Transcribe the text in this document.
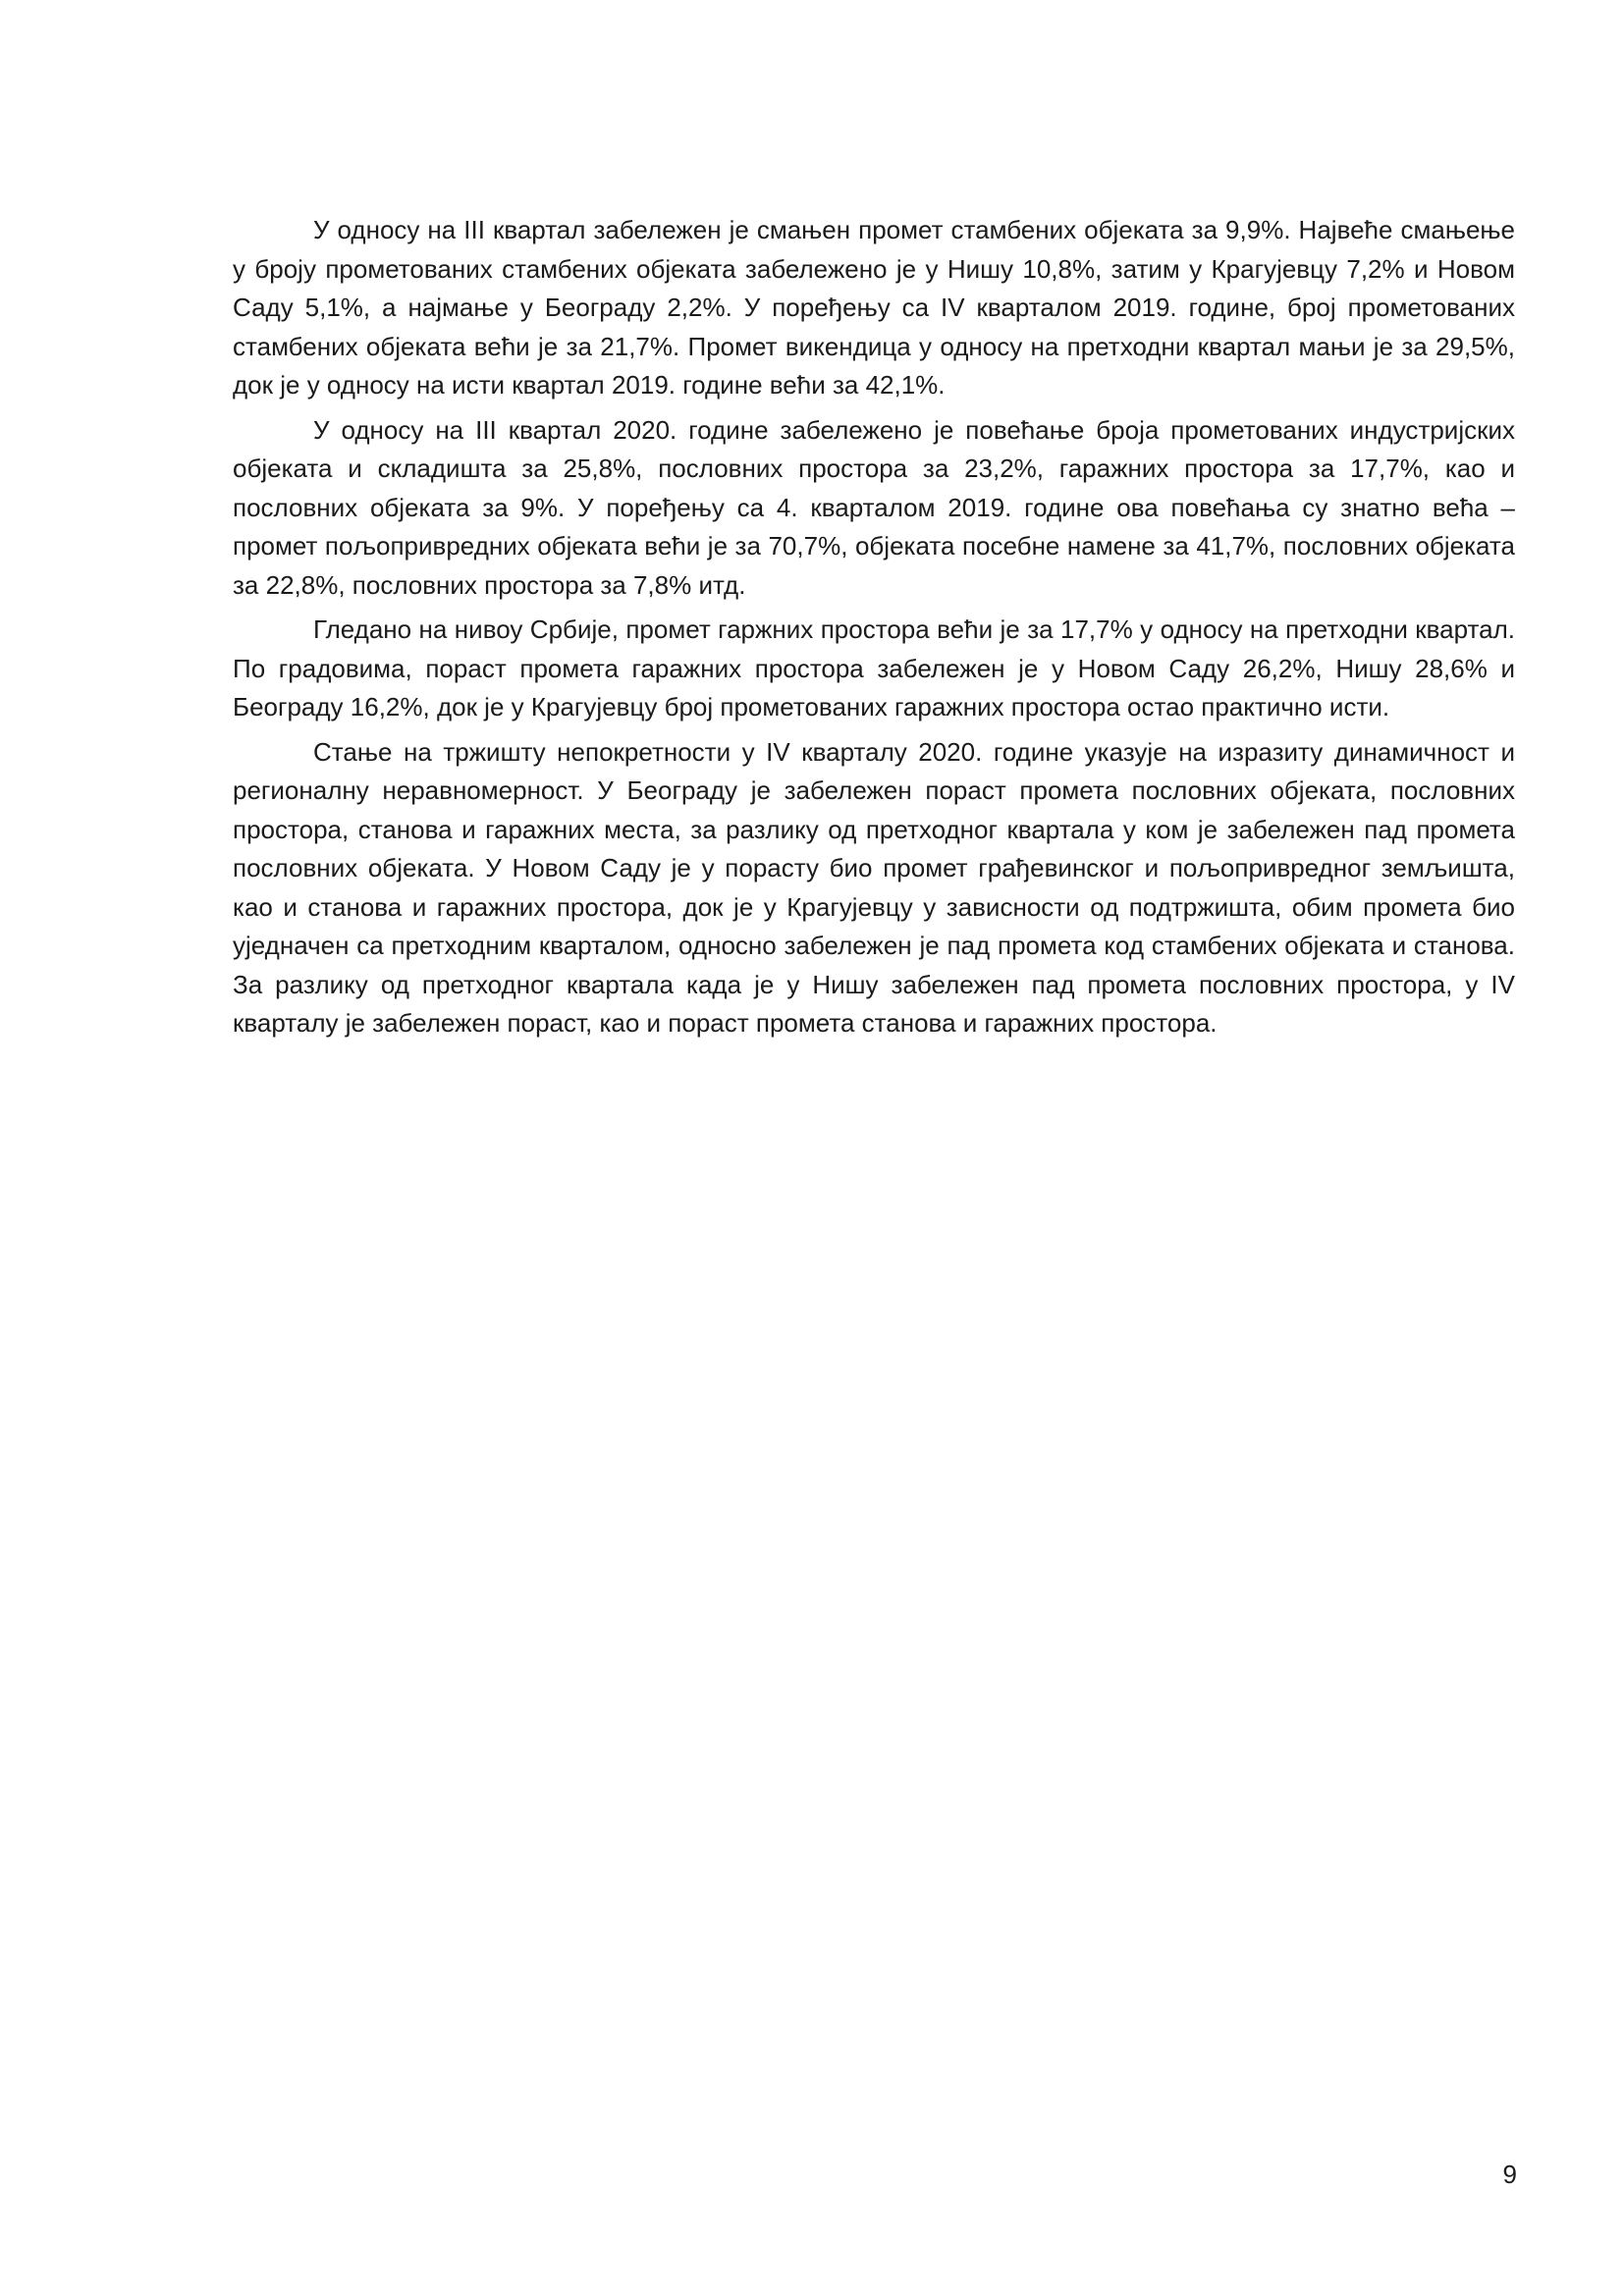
У односу на III квартал забележен је смањен промет стамбених објеката за 9,9%. Највеће смањење у броју прометованих стамбених објеката забележено је у Нишу 10,8%, затим у Крагујевцу 7,2% и Новом Саду 5,1%, а најмање у Београду 2,2%. У поређењу са IV кварталом 2019. године, број прометованих стамбених објеката већи је за 21,7%. Промет викендица у односу на претходни квартал мањи је за 29,5%, док је у односу на исти квартал 2019. године већи за 42,1%.

У односу на III квартал 2020. године забележено је повећање броја прометованих индустријских објеката и складишта за 25,8%, пословних простора за 23,2%, гаражних простора за 17,7%, као и пословних објеката за 9%. У поређењу са 4. кварталом 2019. године ова повећања су знатно већа – промет пољопривредних објеката већи је за 70,7%, објеката посебне намене за 41,7%, пословних објеката за 22,8%, пословних простора за 7,8% итд.

Гледано на нивоу Србије, промет гаржних простора већи је за 17,7% у односу на претходни квартал. По градовима, пораст промета гаражних простора забележен је у Новом Саду 26,2%, Нишу 28,6% и Београду 16,2%, док је у Крагујевцу број прометованих гаражних простора остао практично исти.

Стање на тржишту непокретности у IV кварталу 2020. године указује на изразиту динамичност и регионалну неравномерност. У Београду је забележен пораст промета пословних објеката, пословних простора, станова и гаражних места, за разлику од претходног квартала у ком је забележен пад промета пословних објеката. У Новом Саду је у порасту био промет грађевинског и пољопривредног земљишта, као и станова и гаражних простора, док је у Крагујевцу у зависности од подтржишта, обим промета био уједначен са претходним кварталом, односно забележен је пад промета код стамбених објеката и станова. За разлику од претходног квартала када је у Нишу забележен пад промета пословних простора, у IV кварталу је забележен пораст, као и пораст промета станова и гаражних простора.

9
